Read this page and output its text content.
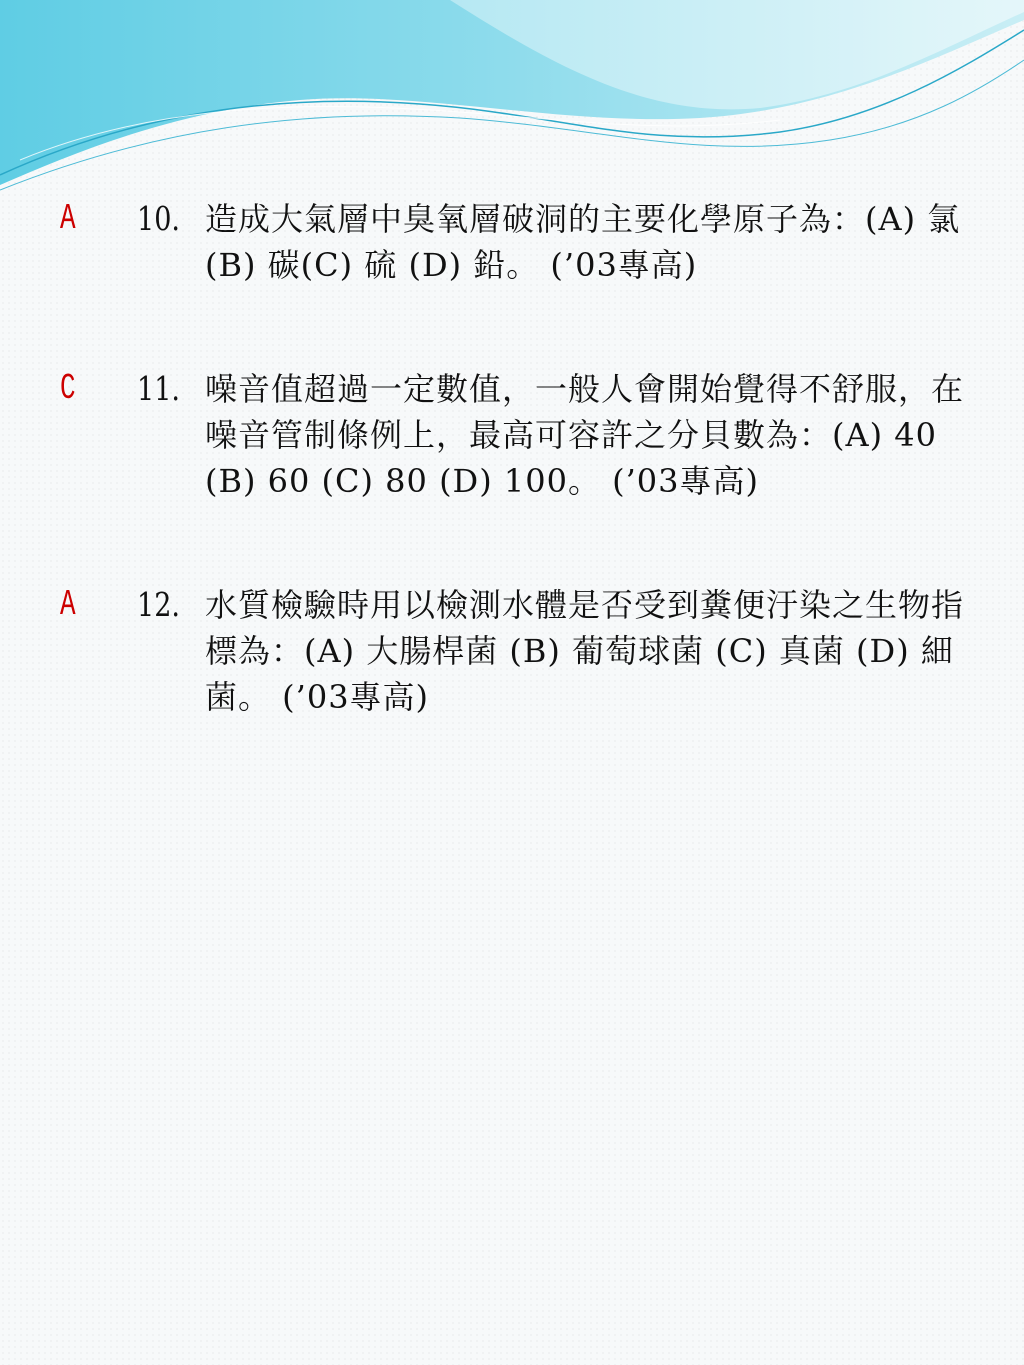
A 10. 造成大氣層中臭氧層破洞的主要化學原子為：(A) 氯 (B) 碳(C) 硫 (D) 鉛。 (’03專高)
C 11. 噪音值超過一定數值，一般人會開始覺得不舒服，在噪音管制條例上，最高可容許之分貝數為：(A) 40 (B) 60 (C) 80 (D) 100。 (’03專高)
A 12. 水質檢驗時用以檢測水體是否受到糞便汙染之生物指標為：(A) 大腸桿菌 (B) 葡萄球菌 (C) 真菌 (D) 細菌。 (’03專高)
